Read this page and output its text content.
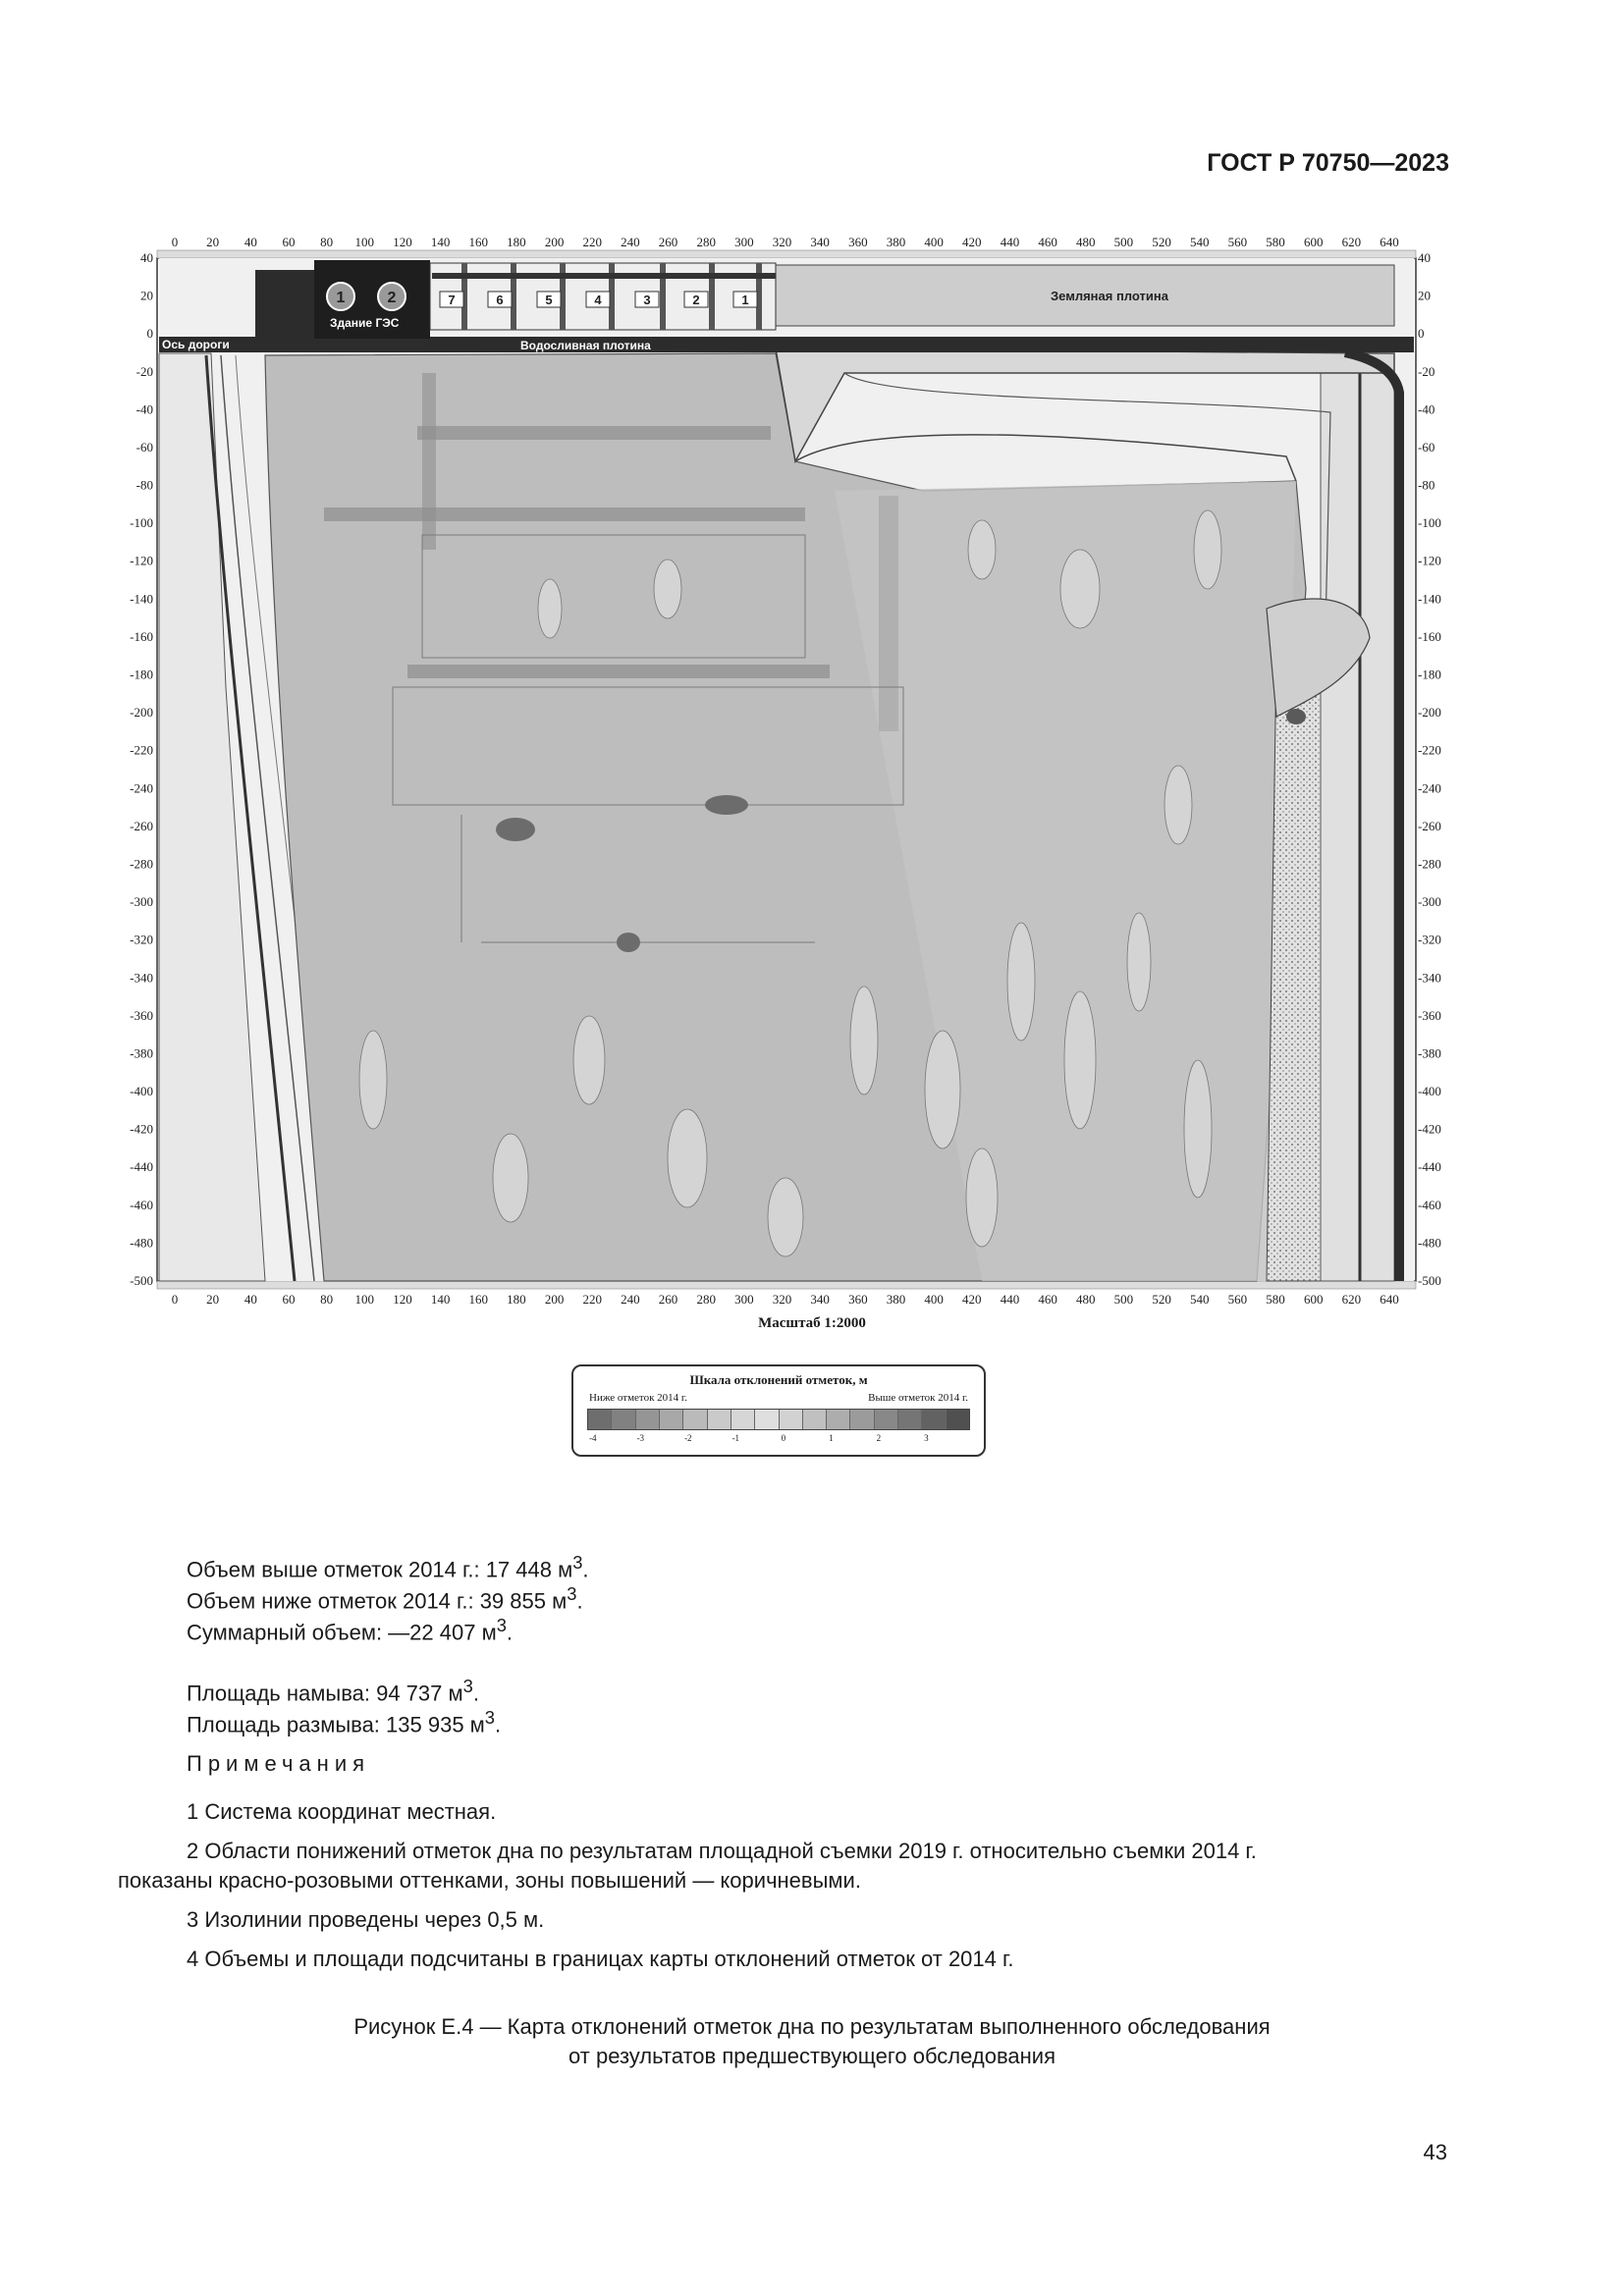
ГОСТ Р 70750—2023
Ось дороги	Водосливная плотина
Здание ГЭС
Земляная плотина
1	2	7	6	5	4	3	2	1
0 20 40 60 80 100 120 140 160 180 200 220 240 260 280 300 320 340 360 380 400 420 440 460 480 500 520 540 560 580 600 620 640
0 20 40 60 80 100 120 140 160 180 200 220 240 260 280 300 320 340 360 380 400 420 440 460 480 500 520 540 560 580 600 620 640
40
20
0
-20
-40
-60
-80
-100
-120
-140
-160
-180
-200
-220
-240
-260
-280
-300
-320
-340
-360
-380
-400
-420
-440
-460
-480
-500
40
20
0
-20
-40
-60
-80
-100
-120
-140
-160
-180
-200
-220
-240
-260
-280
-300
-320
-340
-360
-380
-400
-420
-440
-460
-480
-500
Масштаб 1:2000
Шкала отклонений отметок, м
Ниже отметок 2014 г.	Выше отметок 2014 г.
-4	-3	-2	-1	0	1	2	3
Объем выше отметок 2014 г.: 17 448 $м^3$.
Объем ниже отметок 2014 г.: 39 855 $м^3$.
Суммарный объем: —22 407 $м^3$.
Площадь намыва: 94 737 $м^3$.
Площадь размыва: 135 935 $м^3$.
Примечания
1 Система координат местная.
2 Области понижений отметок дна по результатам площадной съемки 2019 г. относительно съемки 2014 г.
показаны красно-розовыми оттенками, зоны повышений — коричневыми.
3 Изолинии проведены через 0,5 м.
4 Объемы и площади подсчитаны в границах карты отклонений отметок от 2014 г.
Рисунок Е.4 — Карта отклонений отметок дна по результатам выполненного обследования
от результатов предшествующего обследования
43
